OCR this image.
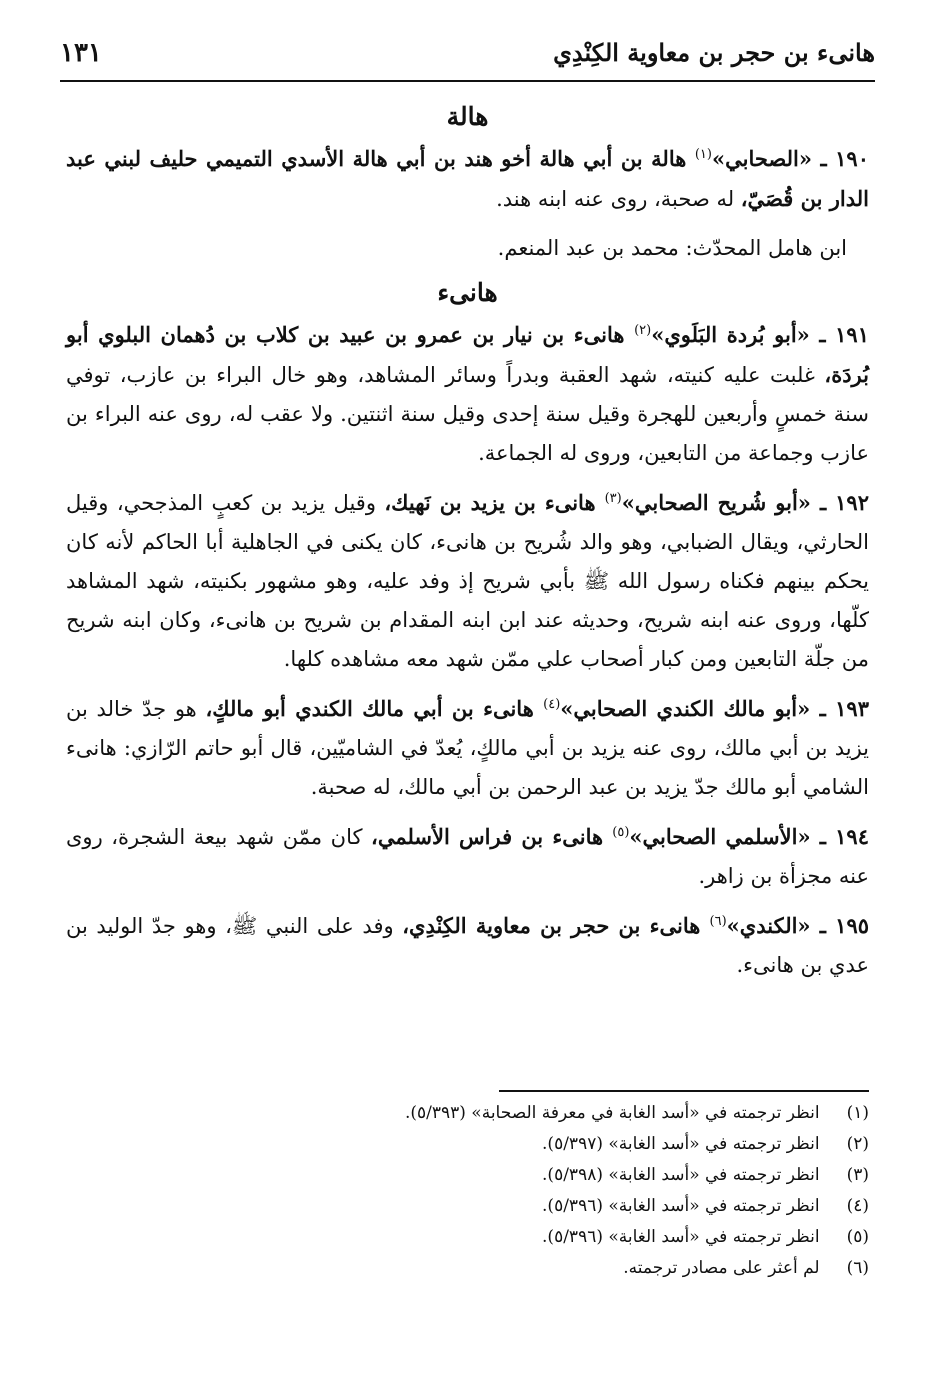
هانىء بن حجر بن معاوية الكِنْدِي
١٣١
هالة

١٩٠ ـ «الصحابي»$^{(١)}$ هالة بن أبي هالة أخو هند بن أبي هالة الأسدي التميمي حليف لبني عبد الدار بن قُصَيّ، له صحبة، روى عنه ابنه هند.

ابن هامل المحدّث: محمد بن عبد المنعم.

هانىء

١٩١ ـ «أبو بُردة البَلَوي»$^{(٢)}$ هانىء بن نيار بن عمرو بن عبيد بن كلاب بن دُهمان البلوي أبو بُردَة، غلبت عليه كنيته، شهد العقبة وبدراً وسائر المشاهد، وهو خال البراء بن عازب، توفي سنة خمسٍ وأربعين للهجرة وقيل سنة إحدى وقيل سنة اثنتين. ولا عقب له، روى عنه البراء بن عازب وجماعة من التابعين، وروى له الجماعة.

١٩٢ ـ «أبو شُريح الصحابي»$^{(٣)}$ هانىء بن يزيد بن نَهيك، وقيل يزيد بن كعبٍ المذجحي، وقيل الحارثي، ويقال الضبابي، وهو والد شُريح بن هانىء، كان يكنى في الجاهلية أبا الحاكم لأنه كان يحكم بينهم فكناه رسول الله ﷺ بأبي شريح إذ وفد عليه، وهو مشهور بكنيته، شهد المشاهد كلّها، وروى عنه ابنه شريح، وحديثه عند ابن ابنه المقدام بن شريح بن هانىء، وكان ابنه شريح من جلّة التابعين ومن كبار أصحاب علي ممّن شهد معه مشاهده كلها.

١٩٣ ـ «أبو مالك الكندي الصحابي»$^{(٤)}$ هانىء بن أبي مالك الكندي أبو مالكٍ، هو جدّ خالد بن يزيد بن أبي مالك، روى عنه يزيد بن أبي مالكٍ، يُعدّ في الشاميّين، قال أبو حاتم الرّازي: هانىء الشامي أبو مالك جدّ يزيد بن عبد الرحمن بن أبي مالك، له صحبة.

١٩٤ ـ «الأسلمي الصحابي»$^{(٥)}$ هانىء بن فراس الأسلمي، كان ممّن شهد بيعة الشجرة، روى عنه مجزأة بن زاهر.

١٩٥ ـ «الكندي»$^{(٦)}$ هانىء بن حجر بن معاوية الكِنْدِي، وفد على النبي ﷺ، وهو جدّ الوليد بن عدي بن هانىء.

(١) انظر ترجمته في «أسد الغابة في معرفة الصحابة» (٥/٣٩٣).
(٢) انظر ترجمته في «أسد الغابة» (٥/٣٩٧).
(٣) انظر ترجمته في «أسد الغابة» (٥/٣٩٨).
(٤) انظر ترجمته في «أسد الغابة» (٥/٣٩٦).
(٥) انظر ترجمته في «أسد الغابة» (٥/٣٩٦).
(٦) لم أعثر على مصادر ترجمته.
